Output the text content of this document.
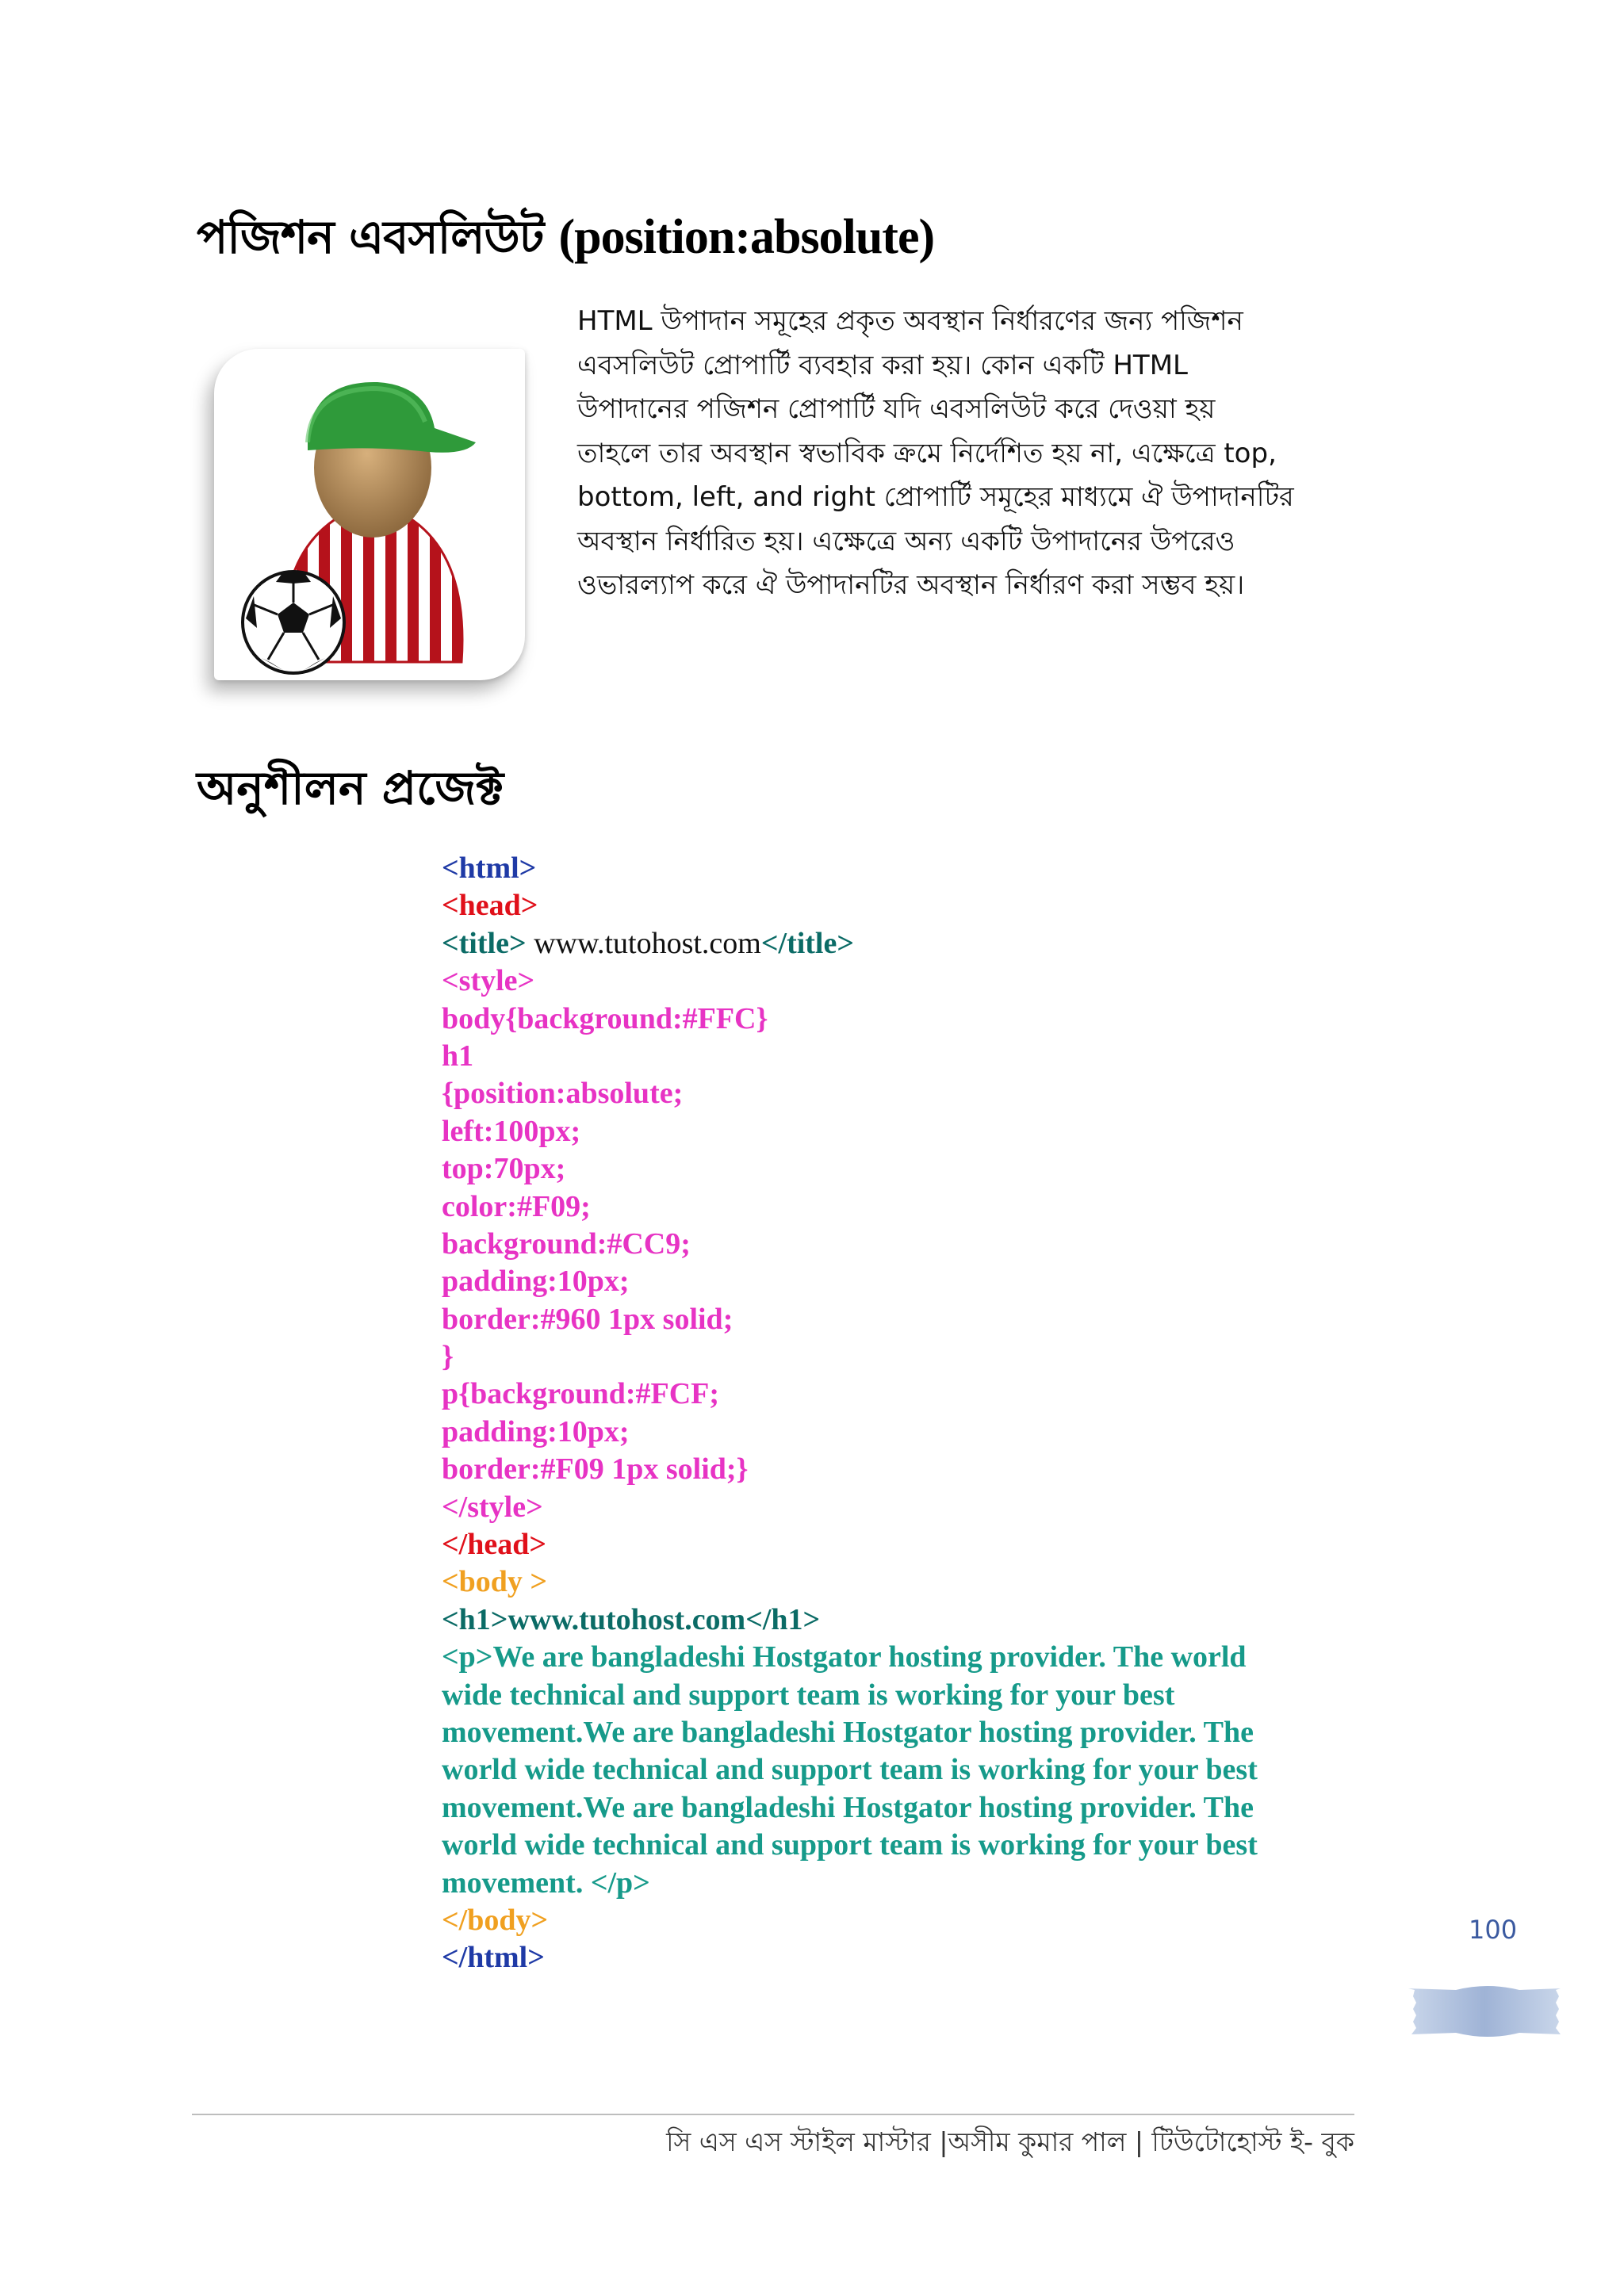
পজিশন এবসলিউট (position:absolute)
HTML উপাদান সমূহের প্রকৃত অবস্থান নির্ধারণের জন্য পজিশন
এবসলিউট প্রোপার্টি ব্যবহার করা হয়। কোন একটি HTML
উপাদানের পজিশন প্রোপার্টি যদি এবসলিউট করে দেওয়া হয়
তাহলে তার অবস্থান স্বভাবিক ক্রমে নির্দেশিত হয় না, এক্ষেত্রে top,
bottom, left, and right প্রোপার্টি সমূহের মাধ্যমে ঐ উপাদানটির
অবস্থান নির্ধারিত হয়। এক্ষেত্রে অন্য একটি উপাদানের উপরেও
ওভারল্যাপ করে ঐ উপাদানটির অবস্থান নির্ধারণ করা সম্ভব হয়।
অনুশীলন প্রজেক্ট
<html>
<head>
<title> www.tutohost.com</title>
<style>
body{background:#FFC}
h1
{position:absolute;
left:100px;
top:70px;
color:#F09;
background:#CC9;
padding:10px;
border:#960 1px solid;
}
p{background:#FCF;
padding:10px;
border:#F09 1px solid;}
</style>
</head>
<body >
<h1>www.tutohost.com</h1>
<p>We are bangladeshi Hostgator hosting provider. The world
wide technical and support team is working for your best
movement.We are bangladeshi Hostgator hosting provider. The
world wide technical and support team is working for your best
movement.We are bangladeshi Hostgator hosting provider. The
world wide technical and support team is working for your best
movement. </p>
</body>
</html>
100
সি এস এস স্টাইল মাস্টার |অসীম কুমার পাল | টিউটোহোস্ট ই- বুক
